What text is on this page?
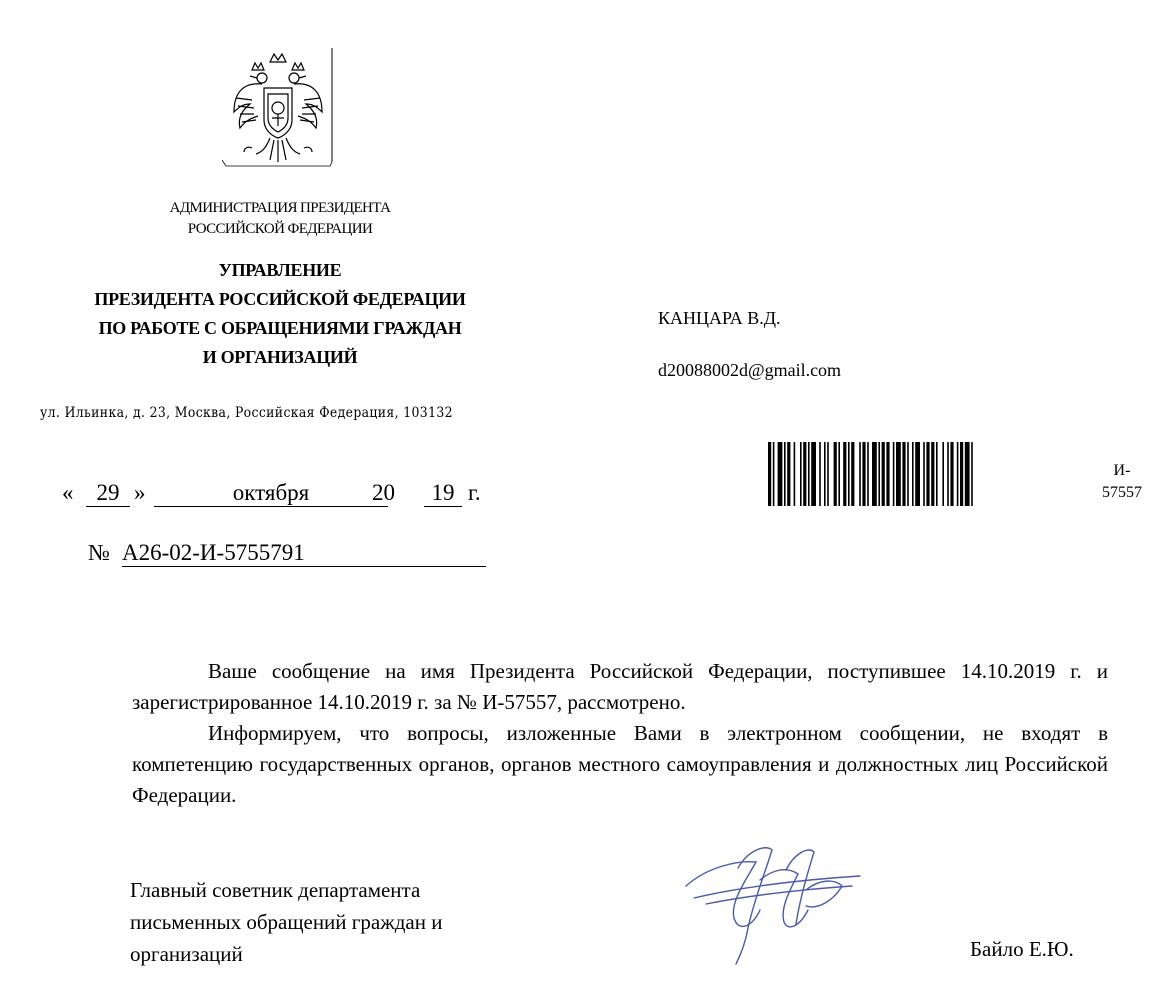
АДМИНИСТРАЦИЯ ПРЕЗИДЕНТА
РОССИЙСКОЙ ФЕДЕРАЦИИ
УПРАВЛЕНИЕ
ПРЕЗИДЕНТА РОССИЙСКОЙ ФЕДЕРАЦИИ
ПО РАБОТЕ С ОБРАЩЕНИЯМИ ГРАЖДАН
И ОРГАНИЗАЦИЙ
ул. Ильинка, д. 23, Москва, Российская Федерация, 103132
КАНЦАРА В.Д.
d20088002d@gmail.com
И-
57557
«	29 »	октября	20	19 г.
№ А26-02-И-5755791

Ваше сообщение на имя Президента Российской Федерации, поступившее 14.10.2019 г. и зарегистрированное 14.10.2019 г. за № И-57557, рассмотрено.

Информируем, что вопросы, изложенные Вами в электронном сообщении, не входят в компетенцию государственных органов, органов местного самоуправления и должностных лиц Российской Федерации.

Главный советник департамента
письменных обращений граждан и
организаций	Байло Е.Ю.
